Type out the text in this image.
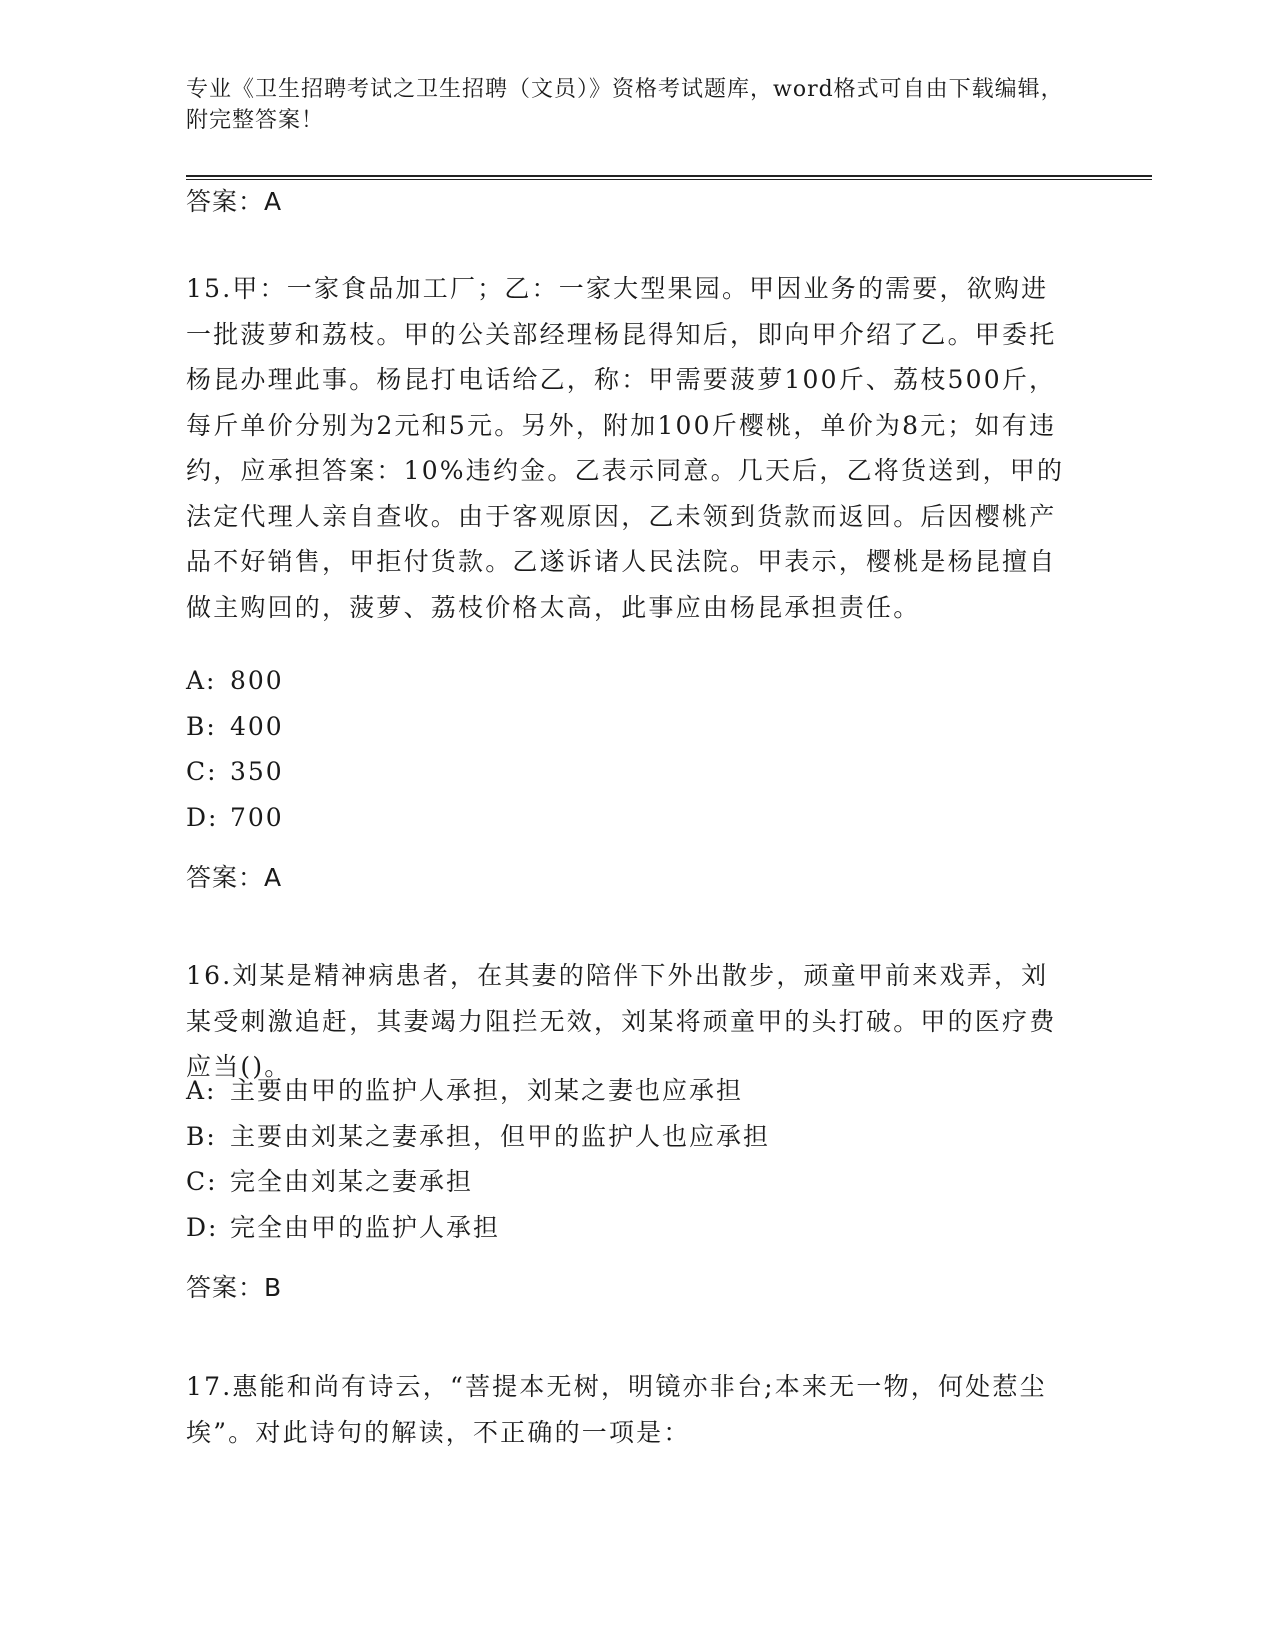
专业《卫生招聘考试之卫生招聘（文员）》资格考试题库，word格式可自由下载编辑，附完整答案！
答案：A
15.甲：一家食品加工厂；乙：一家大型果园。甲因业务的需要，欲购进一批菠萝和荔枝。甲的公关部经理杨昆得知后，即向甲介绍了乙。甲委托杨昆办理此事。杨昆打电话给乙，称：甲需要菠萝100斤、荔枝500斤，每斤单价分别为2元和5元。另外，附加100斤樱桃，单价为8元；如有违约，应承担答案：10%违约金。乙表示同意。几天后，乙将货送到，甲的法定代理人亲自查收。由于客观原因，乙未领到货款而返回。后因樱桃产品不好销售，甲拒付货款。乙遂诉诸人民法院。甲表示，樱桃是杨昆擅自做主购回的，菠萝、荔枝价格太高，此事应由杨昆承担责任。
A: 800
B: 400
C: 350
D: 700
答案：A
16.刘某是精神病患者，在其妻的陪伴下外出散步，顽童甲前来戏弄，刘某受刺激追赶，其妻竭力阻拦无效，刘某将顽童甲的头打破。甲的医疗费应当()。
A: 主要由甲的监护人承担，刘某之妻也应承担
B: 主要由刘某之妻承担，但甲的监护人也应承担
C: 完全由刘某之妻承担
D: 完全由甲的监护人承担
答案：B
17.惠能和尚有诗云，“菩提本无树，明镜亦非台;本来无一物，何处惹尘埃”。对此诗句的解读，不正确的一项是：
